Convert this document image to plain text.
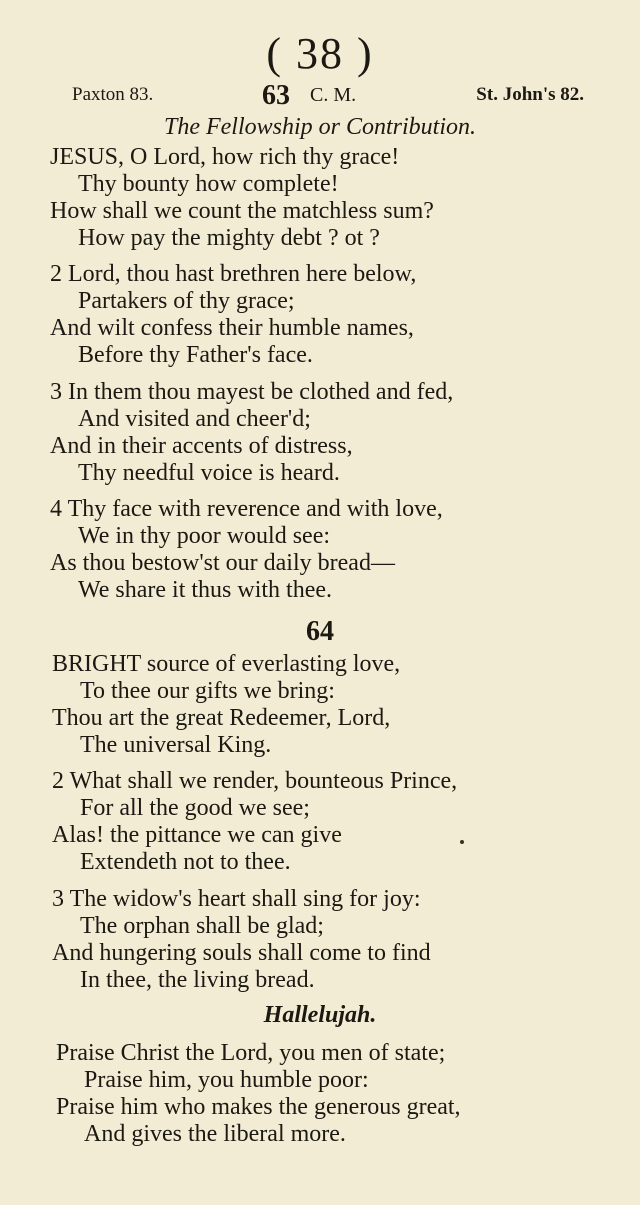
( 38 )
Paxton 83.	63 C. M.	St. John's 82.
The Fellowship or Contribution.
JESUS, O Lord, how rich thy grace!
Thy bounty how complete!
How shall we count the matchless sum?
How pay the mighty debt ? ot ?
2 Lord, thou hast brethren here below,
Partakers of thy grace;
And wilt confess their humble names,
Before thy Father's face.
3 In them thou mayest be clothed and fed,
And visited and cheer'd;
And in their accents of distress,
Thy needful voice is heard.
4 Thy face with reverence and with love,
We in thy poor would see:
As thou bestow'st our daily bread—
We share it thus with thee.
64
BRIGHT source of everlasting love,
To thee our gifts we bring:
Thou art the great Redeemer, Lord,
The universal King.
2 What shall we render, bounteous Prince,
For all the good we see;
Alas! the pittance we can give
Extendeth not to thee.
3 The widow's heart shall sing for joy:
The orphan shall be glad;
And hungering souls shall come to find
In thee, the living bread.
Hallelujah.
Praise Christ the Lord, you men of state;
Praise him, you humble poor:
Praise him who makes the generous great,
And gives the liberal more.
